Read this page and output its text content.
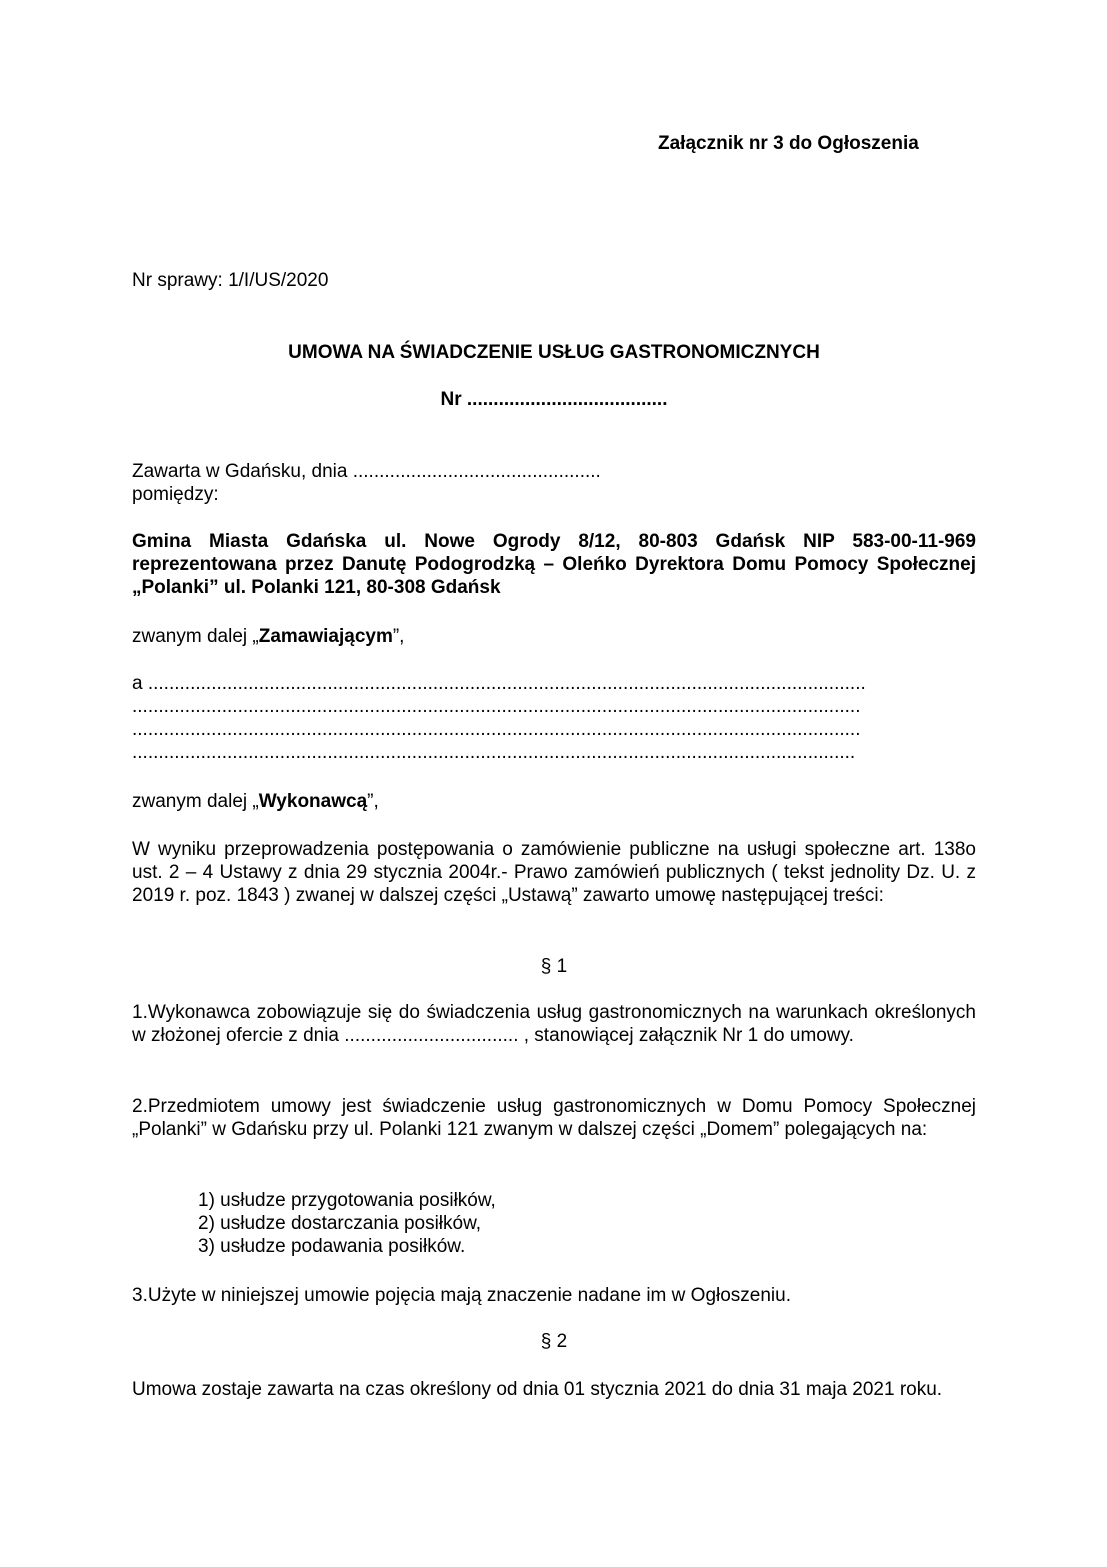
Załącznik nr 3 do Ogłoszenia

Nr sprawy: 1/I/US/2020

UMOWA NA ŚWIADCZENIE USŁUG GASTRONOMICZNYCH

Nr ......................................

Zawarta w Gdańsku, dnia ...............................................
pomiędzy:

Gmina Miasta Gdańska ul. Nowe Ogrody 8/12, 80-803 Gdańsk NIP 583-00-11-969 reprezentowana przez Danutę Podogrodzką – Oleńko Dyrektora Domu Pomocy Społecznej „Polanki” ul. Polanki 121, 80-308 Gdańsk

zwanym dalej „Zamawiającym”,

a ........................................................................................................................................
..........................................................................................................................................
..........................................................................................................................................
.........................................................................................................................................

zwanym dalej „Wykonawcą”,

W wyniku przeprowadzenia postępowania o zamówienie publiczne na usługi społeczne art. 138o ust. 2 – 4 Ustawy z dnia 29 stycznia 2004r.- Prawo zamówień publicznych ( tekst jednolity Dz. U. z 2019 r. poz. 1843 ) zwanej w dalszej części „Ustawą” zawarto umowę następującej treści:

§ 1

1.Wykonawca zobowiązuje się do świadczenia usług gastronomicznych na warunkach określonych w złożonej ofercie z dnia ................................. , stanowiącej załącznik Nr 1 do umowy.

2.Przedmiotem umowy jest świadczenie usług gastronomicznych w Domu Pomocy Społecznej „Polanki” w Gdańsku przy ul. Polanki 121 zwanym w dalszej części „Domem” polegających na:

1) usłudze przygotowania posiłków,
2) usłudze dostarczania posiłków,
3) usłudze podawania posiłków.

3.Użyte w niniejszej umowie pojęcia mają znaczenie nadane im w Ogłoszeniu.

§ 2

Umowa zostaje zawarta na czas określony od dnia 01 stycznia 2021 do dnia 31 maja 2021 roku.
